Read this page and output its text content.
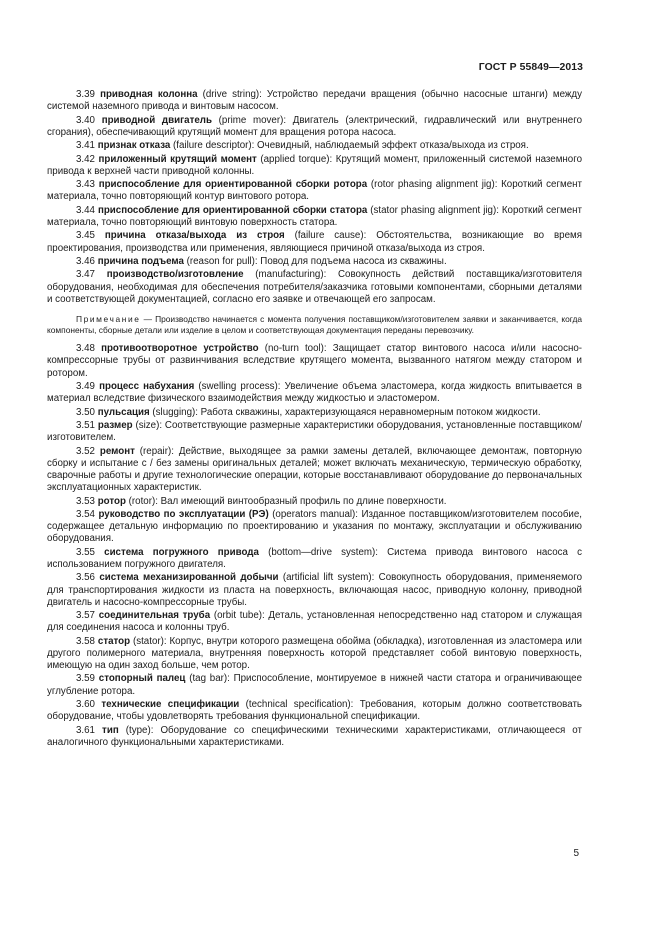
ГОСТ Р 55849—2013

3.39 приводная колонна (drive string): Устройство передачи вращения (обычно насосные штанги) между системой наземного привода и винтовым насосом.

3.40 приводной двигатель (prime mover): Двигатель (электрический, гидравлический или внутреннего сгорания), обеспечивающий крутящий момент для вращения ротора насоса.

3.41 признак отказа (failure descriptor): Очевидный, наблюдаемый эффект отказа/выхода из строя.

3.42 приложенный крутящий момент (applied torque): Крутящий момент, приложенный системой наземного привода к верхней части приводной колонны.

3.43 приспособление для ориентированной сборки ротора (rotor phasing alignment jig): Короткий сегмент материала, точно повторяющий контур винтового ротора.

3.44 приспособление для ориентированной сборки статора (stator phasing alignment jig): Короткий сегмент материала, точно повторяющий винтовую поверхность статора.

3.45 причина отказа/выхода из строя (failure cause): Обстоятельства, возникающие во время проектирования, производства или применения, являющиеся причиной отказа/выхода из строя.

3.46 причина подъема (reason for pull): Повод для подъема насоса из скважины.

3.47 производство/изготовление (manufacturing): Совокупность действий поставщика/изготовителя оборудования, необходимая для обеспечения потребителя/заказчика готовыми компонентами, сборными деталями и соответствующей документацией, согласно его заявке и отвечающей его запросам.

Примечание — Производство начинается с момента получения поставщиком/изготовителем заявки и заканчивается, когда компоненты, сборные детали или изделие в целом и соответствующая документация переданы перевозчику.

3.48 противоотворотное устройство (no-turn tool): Защищает статор винтового насоса и/или насосно-компрессорные трубы от развинчивания вследствие крутящего момента, вызванного натягом между статором и ротором.

3.49 процесс набухания (swelling process): Увеличение объема эластомера, когда жидкость впитывается в материал вследствие физического взаимодействия между жидкостью и эластомером.

3.50 пульсация (slugging): Работа скважины, характеризующаяся неравномерным потоком жидкости.

3.51 размер (size): Соответствующие размерные характеристики оборудования, установленные поставщиком/изготовителем.

3.52 ремонт (repair): Действие, выходящее за рамки замены деталей, включающее демонтаж, повторную сборку и испытание с / без замены оригинальных деталей; может включать механическую, термическую обработку, сварочные работы и другие технологические операции, которые восстанавливают оборудование до первоначальных эксплуатационных характеристик.

3.53 ротор (rotor): Вал имеющий винтообразный профиль по длине поверхности.

3.54 руководство по эксплуатации (РЭ) (operators manual): Изданное поставщиком/изготовителем пособие, содержащее детальную информацию по проектированию и указания по монтажу, эксплуатации и обслуживанию оборудования.

3.55 система погружного привода (bottom—drive system): Система привода винтового насоса с использованием погружного двигателя.

3.56 система механизированной добычи (artificial lift system): Совокупность оборудования, применяемого для транспортирования жидкости из пласта на поверхность, включающая насос, приводную колонну, приводной двигатель и насосно-компрессорные трубы.

3.57 соединительная труба (orbit tube): Деталь, установленная непосредственно над статором и служащая для соединения насоса и колонны труб.

3.58 статор (stator): Корпус, внутри которого размещена обойма (обкладка), изготовленная из эластомера или другого полимерного материала, внутренняя поверхность которой представляет собой винтовую поверхность, имеющую на один заход больше, чем ротор.

3.59 стопорный палец (tag bar): Приспособление, монтируемое в нижней части статора и ограничивающее углубление ротора.

3.60 технические спецификации (technical specification): Требования, которым должно соответствовать оборудование, чтобы удовлетворять требования функциональной спецификации.

3.61 тип (type): Оборудование со специфическими техническими характеристиками, отличающееся от аналогичного функциональными характеристиками.

5
